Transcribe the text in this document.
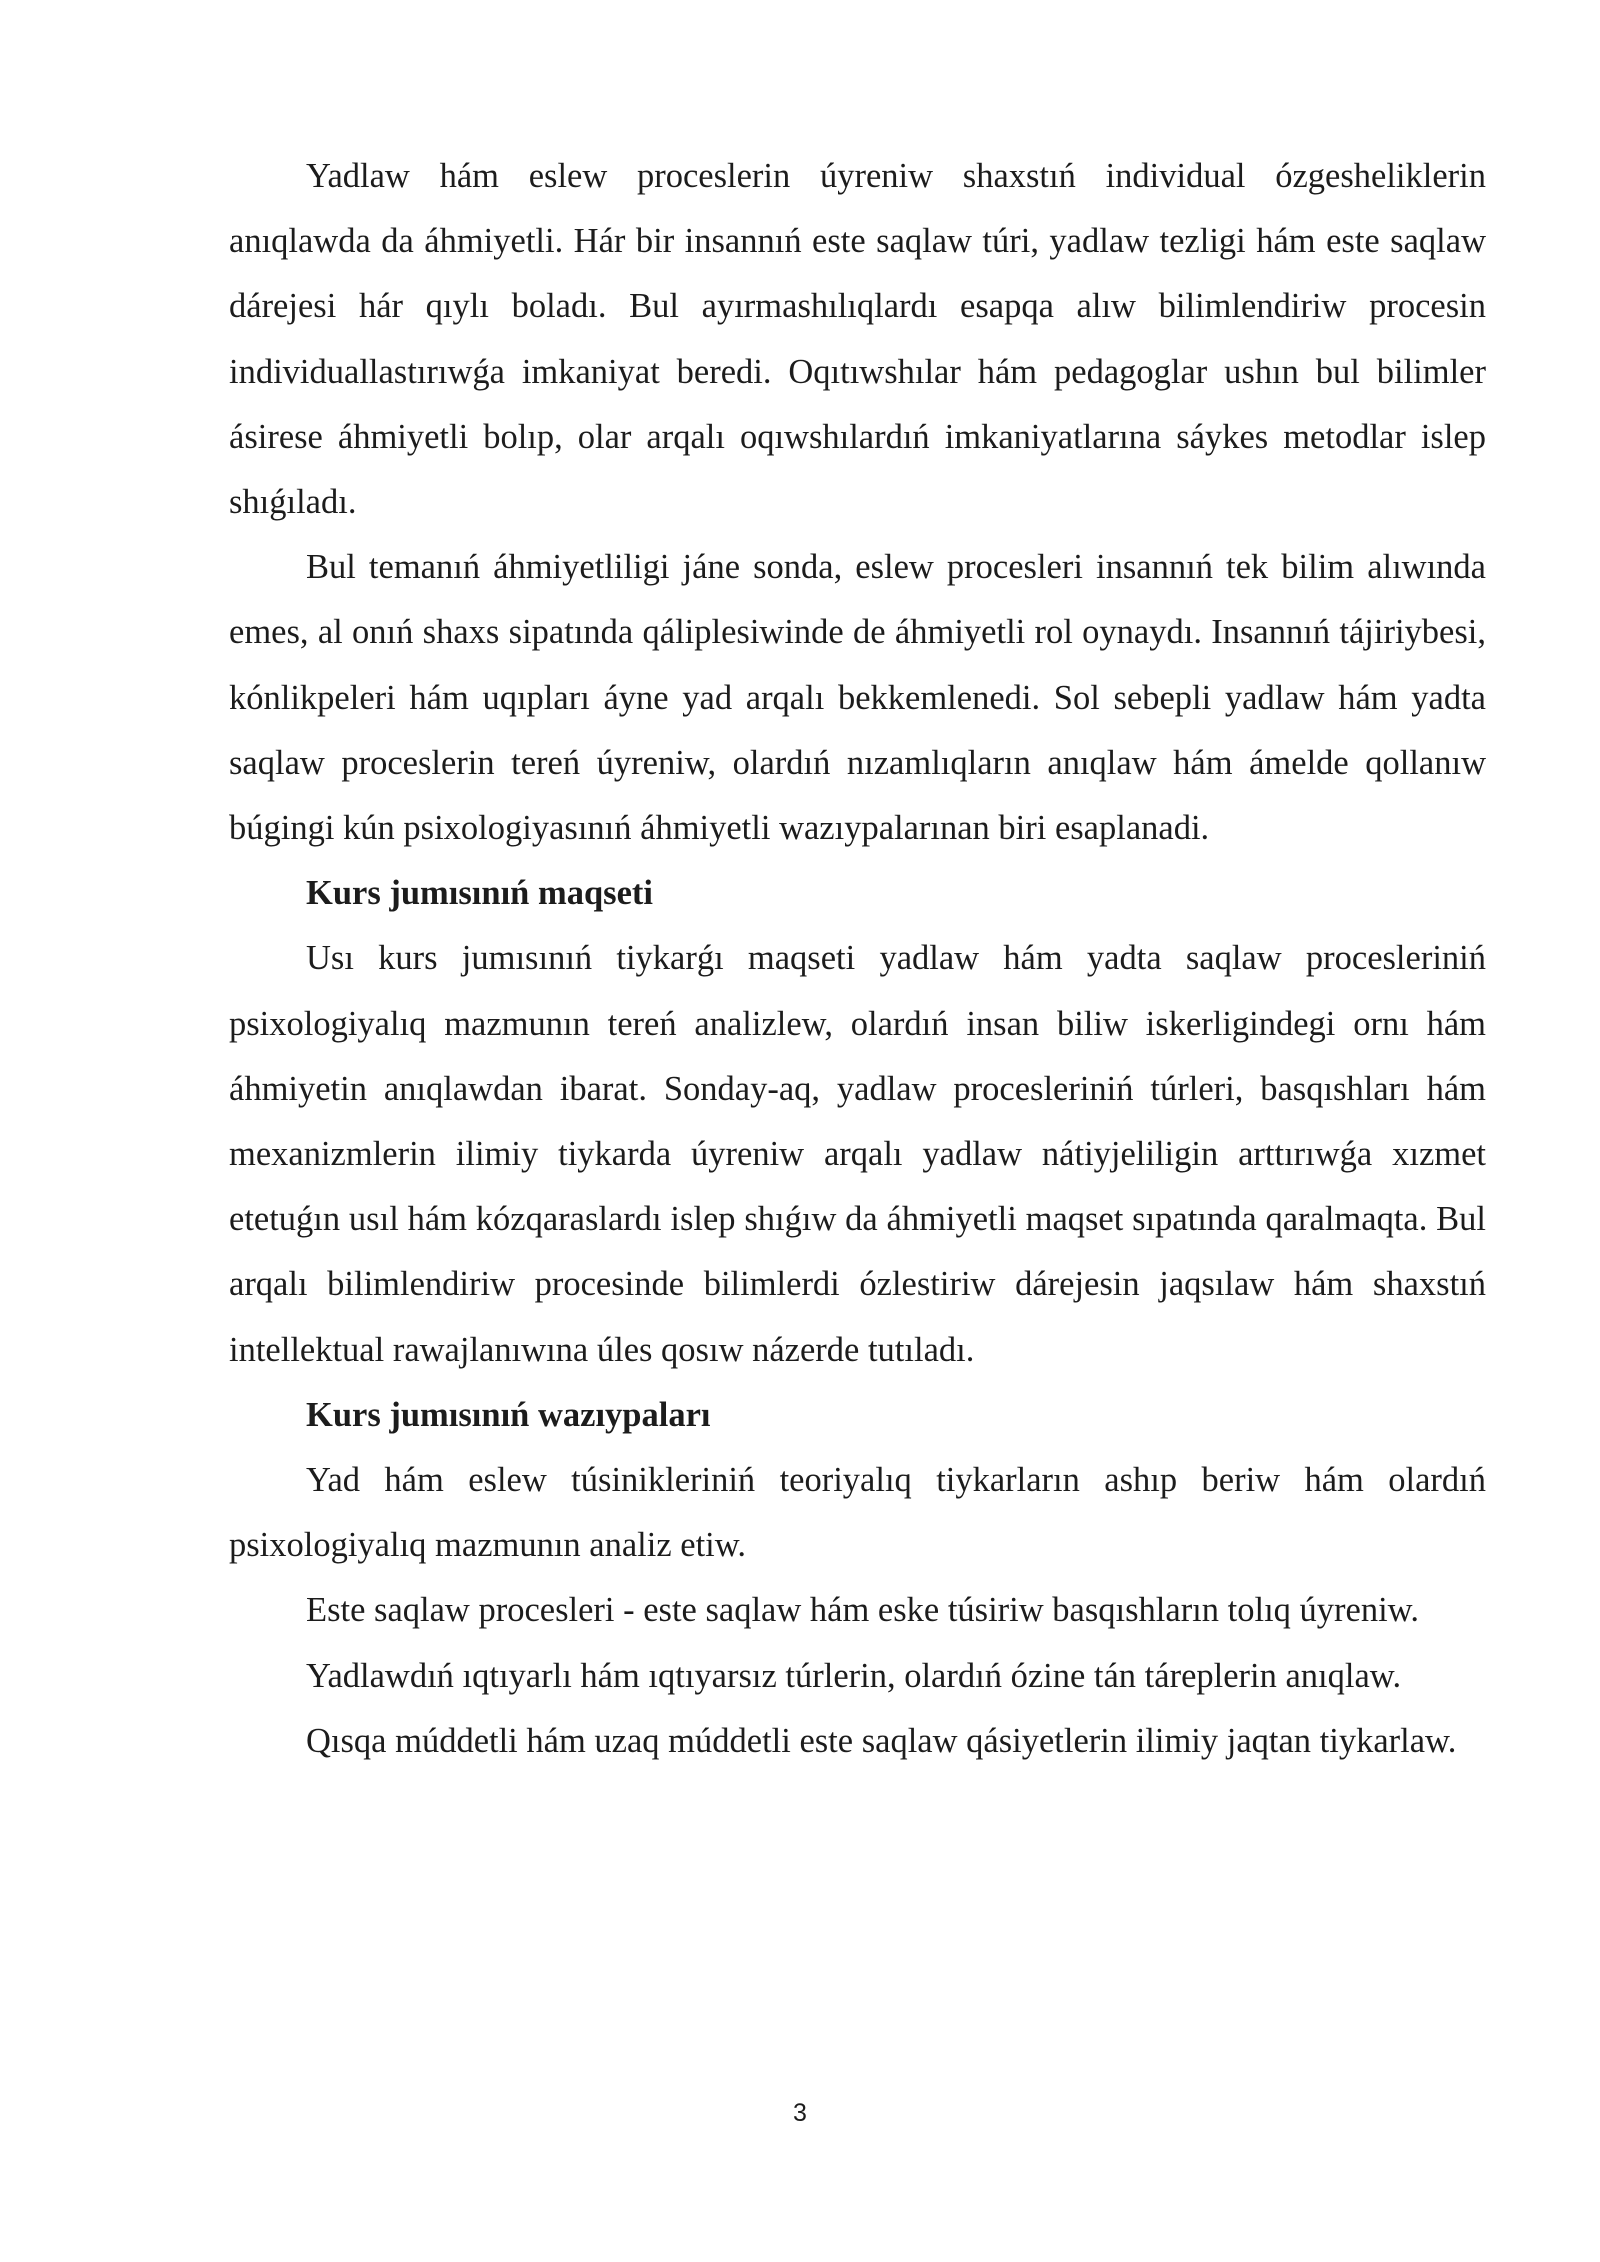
Yadlaw hám eslew proceslerin úyreniw shaxstıń individual ózgesheliklerin anıqlawda da áhmiyetli. Hár bir insannıń este saqlaw túri, yadlaw tezligi hám este saqlaw dárejesi hár qıylı boladı. Bul ayırmashılıqlardı esapqa alıw bilimlendiriw procesin individuallastırıwǵa imkaniyat beredi. Oqıtıwshılar hám pedagoglar ushın bul bilimler ásirese áhmiyetli bolıp, olar arqalı oqıwshılardıń imkaniyatlarına sáykes metodlar islep shıǵıladı.

Bul temanıń áhmiyetliligi jáne sonda, eslew procesleri insannıń tek bilim alıwında emes, al onıń shaxs sipatında qáliplesiwinde de áhmiyetli rol oynaydı. Insannıń tájiriybesi, kónlikpeleri hám uqıpları áyne yad arqalı bekkemlenedi. Sol sebepli yadlaw hám yadta saqlaw proceslerin tereń úyreniw, olardıń nızamlıqların anıqlaw hám ámelde qollanıw búgingi kún psixologiyasınıń áhmiyetli wazıypalarınan biri esaplanadi.

Kurs jumısınıń maqseti

Usı kurs jumısınıń tiykarǵı maqseti yadlaw hám yadta saqlaw procesleriniń psixologiyalıq mazmunın tereń analizlew, olardıń insan biliw iskerligindegi ornı hám áhmiyetin anıqlawdan ibarat. Sonday-aq, yadlaw procesleriniń túrleri, basqıshları hám mexanizmlerin ilimiy tiykarda úyreniw arqalı yadlaw nátiyjeliligin arttırıwǵa xızmet etetuǵın usıl hám kózqaraslardı islep shıǵıw da áhmiyetli maqset sıpatında qaralmaqta. Bul arqalı bilimlendiriw procesinde bilimlerdi ózlestiriw dárejesin jaqsılaw hám shaxstıń intellektual rawajlanıwına úles qosıw názerde tutıladı.

Kurs jumısınıń wazıypaları

Yad hám eslew túsinikleriniń teoriyalıq tiykarların ashıp beriw hám olardıń psixologiyalıq mazmunın analiz etiw.

Este saqlaw procesleri - este saqlaw hám eske túsiriw basqıshların tolıq úyreniw.

Yadlawdıń ıqtıyarlı hám ıqtıyarsız túrlerin, olardıń ózine tán táreplerin anıqlaw.

Qısqa múddetli hám uzaq múddetli este saqlaw qásiyetlerin ilimiy jaqtan tiykarlaw.

3
